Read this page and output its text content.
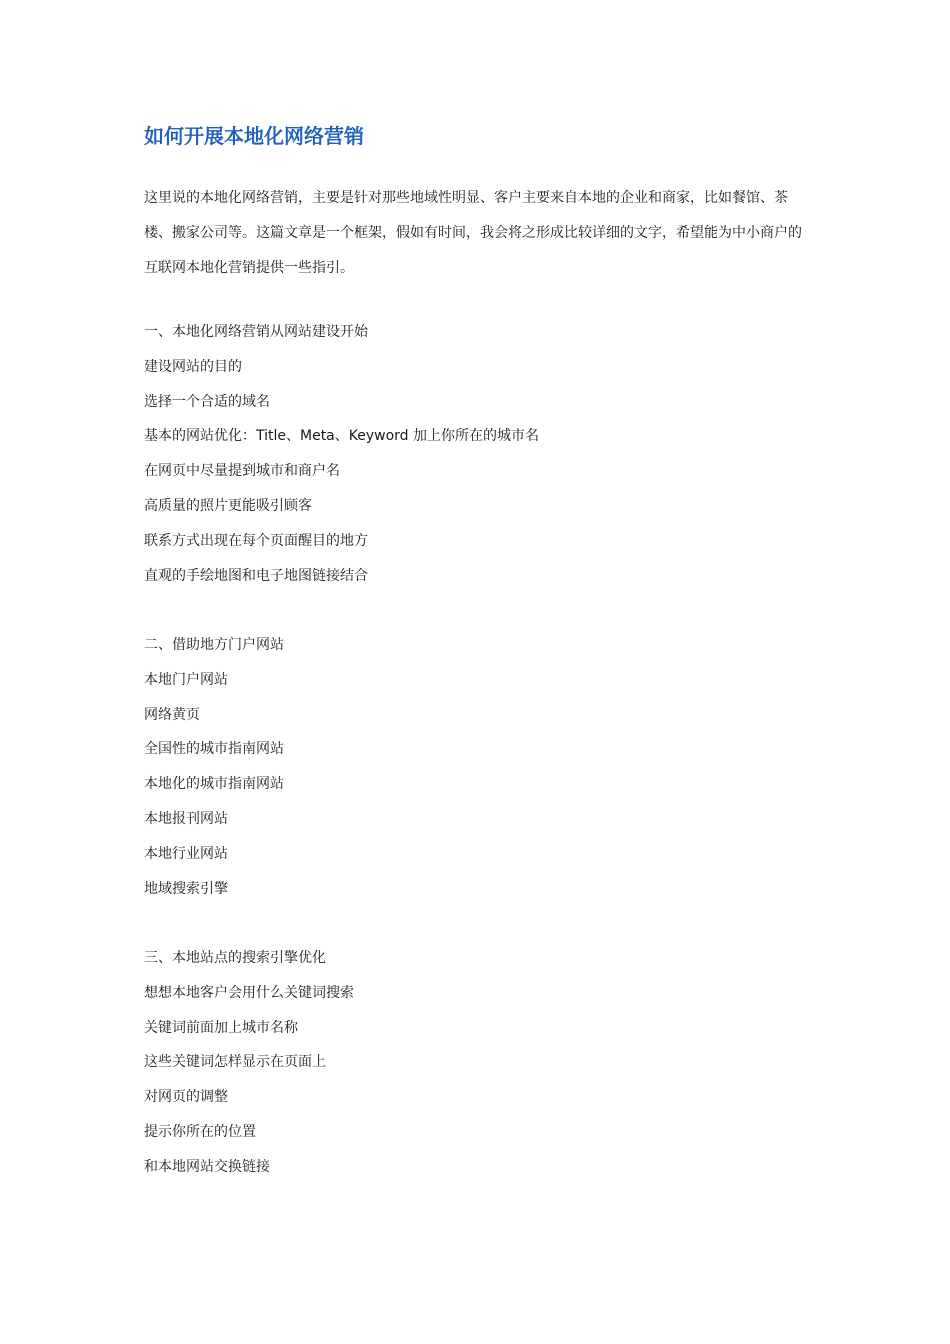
如何开展本地化网络营销

这里说的本地化网络营销，主要是针对那些地域性明显、客户主要来自本地的企业和商家，比如餐馆、茶楼、搬家公司等。这篇文章是一个框架，假如有时间，我会将之形成比较详细的文字，希望能为中小商户的互联网本地化营销提供一些指引。

一、本地化网络营销从网站建设开始
建设网站的目的
选择一个合适的域名
基本的网站优化：Title、Meta、Keyword 加上你所在的城市名
在网页中尽量提到城市和商户名
高质量的照片更能吸引顾客
联系方式出现在每个页面醒目的地方
直观的手绘地图和电子地图链接结合
二、借助地方门户网站
本地门户网站
网络黄页
全国性的城市指南网站
本地化的城市指南网站
本地报刊网站
本地行业网站
地域搜索引擎
三、本地站点的搜索引擎优化
想想本地客户会用什么关键词搜索
关键词前面加上城市名称
这些关键词怎样显示在页面上
对网页的调整
提示你所在的位置
和本地网站交换链接
